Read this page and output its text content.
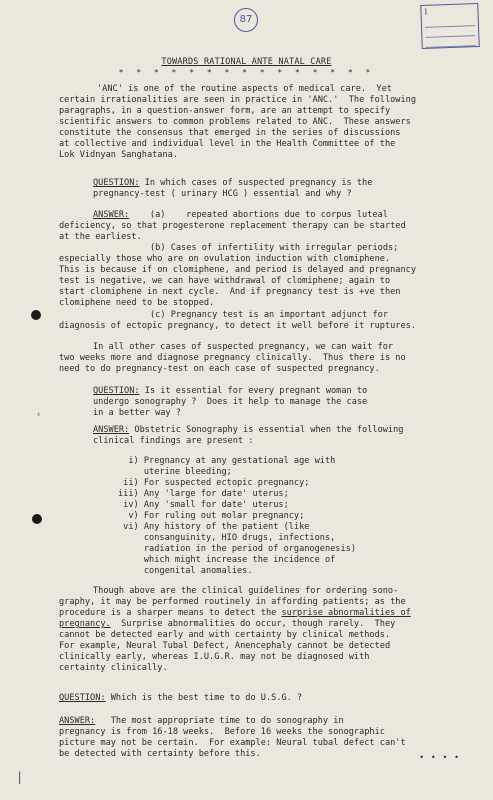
I
87
TOWARDS RATIONAL ANTE NATAL CARE
* * * * * * * * * * * * * * *
'ANC' is one of the routine aspects of medical care.  Yet
certain irrationalities are seen in practice in 'ANC.'  The following
paragraphs, in a question-answer form, are an attempt to specify
scientific answers to common problems related to ANC.  These answers
constitute the consensus that emerged in the series of discussions
at collective and individual level in the Health Committee of the
Lok Vidnyan Sanghatana.
QUESTION: In which cases of suspected pregnancy is the
pregnancy-test ( urinary HCG ) essential and why ?
ANSWER:    (a)    repeated abortions due to corpus luteal
deficiency, so that progesterone replacement therapy can be started
at the earliest.
(b) Cases of infertility with irregular periods;
especially those who are on ovulation induction with clomiphene.
This is because if on clomiphene, and period is delayed and pregnancy
test is negative, we can have withdrawal of clomiphene; again to
start clomiphene in next cycle.  And if pregnancy test is +ve then
clomiphene need to be stopped.
(c) Pregnancy test is an important adjunct for
diagnosis of ectopic pregnancy, to detect it well before it ruptures.
In all other cases of suspected pregnancy, we can wait for
two weeks more and diagnose pregnancy clinically.  Thus there is no
need to do pregnancy-test on each case of suspected pregnancy.
QUESTION: Is it essential for every pregnant woman to
undergo sonography ?  Does it help to manage the case
in a better way ?
ANSWER: Obstetric Sonography is essential when the following
clinical findings are present :
i) Pregnancy at any gestational age with
uterine bleeding;
ii) For suspected ectopic pregnancy;
iii) Any 'large for date' uterus;
iv) Any 'small for date' uterus;
v) For ruling out molar pregnancy;
vi) Any history of the patient (like
consanguinity, HIO drugs, infections,
radiation in the period of organogenesis)
which might increase the incidence of
congenital anomalies.
Though above are the clinical guidelines for ordering sono-
graphy, it may be performed routinely in affording patients; as the
procedure is a sharper means to detect the surprise abnormalities of
pregnancy.  Surprise abnormalities do occur, though rarely.  They
cannot be detected early and with certainty by clinical methods.
For example, Neural Tubal Defect, Anencephaly cannot be detected
clinically early, whereas I.U.G.R. may not be diagnosed with
certainty clinically.
QUESTION: Which is the best time to do U.S.G. ?
ANSWER:   The most appropriate time to do sonography in
pregnancy is from 16-18 weeks.  Before 16 weeks the sonographic
picture may not be certain.  For example: Neural tubal defect can't
be detected with certainty before this.	• • • •
‹
|
